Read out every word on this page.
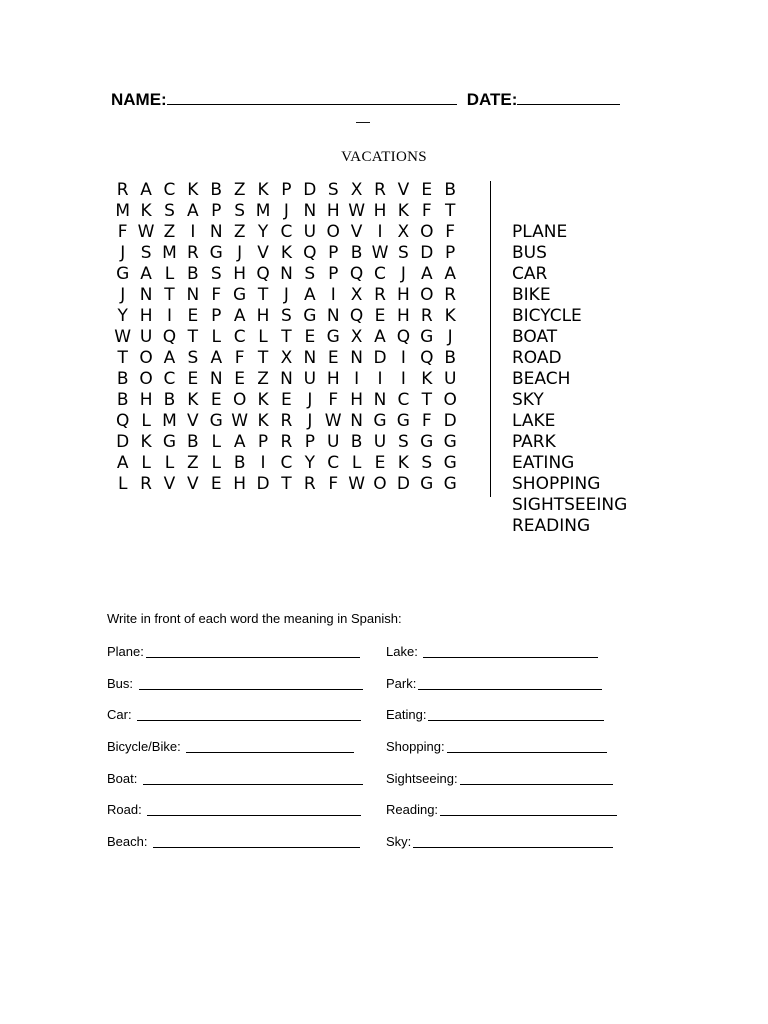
NAME:	DATE:
—
VACATIONS
R A C K B Z K P D S X R V E B
M K S A P S M J N H W H K F T
F W Z I N Z Y C U O V I X O F
J S M R G J V K Q P B W S D P
G A L B S H Q N S P Q C J A A
J N T N F G T J A I X R H O R
Y H I E P A H S G N Q E H R K
W U Q T L C L T E G X A Q G J
T O A S A F T X N E N D I Q B
B O C E N E Z N U H I	I	I K U
B H B K E O K E J F H N C T O
Q L M V G W K R J W N G G F D
D K G B L A P R P U B U S G G
A L L Z L B I C Y C L E K S G
L R V V E H D T R F W O D G G
PLANE
BUS
CAR
BIKE
BICYCLE
BOAT
ROAD
BEACH
SKY
LAKE
PARK
EATING
SHOPPING
SIGHTSEEING
READING
Write in front of each word the meaning in Spanish:
Plane:
Bus:
Car:
Bicycle/Bike:
Boat:
Road:
Beach:
Lake:
Park:
Eating:
Shopping:
Sightseeing:
Reading:
Sky:
